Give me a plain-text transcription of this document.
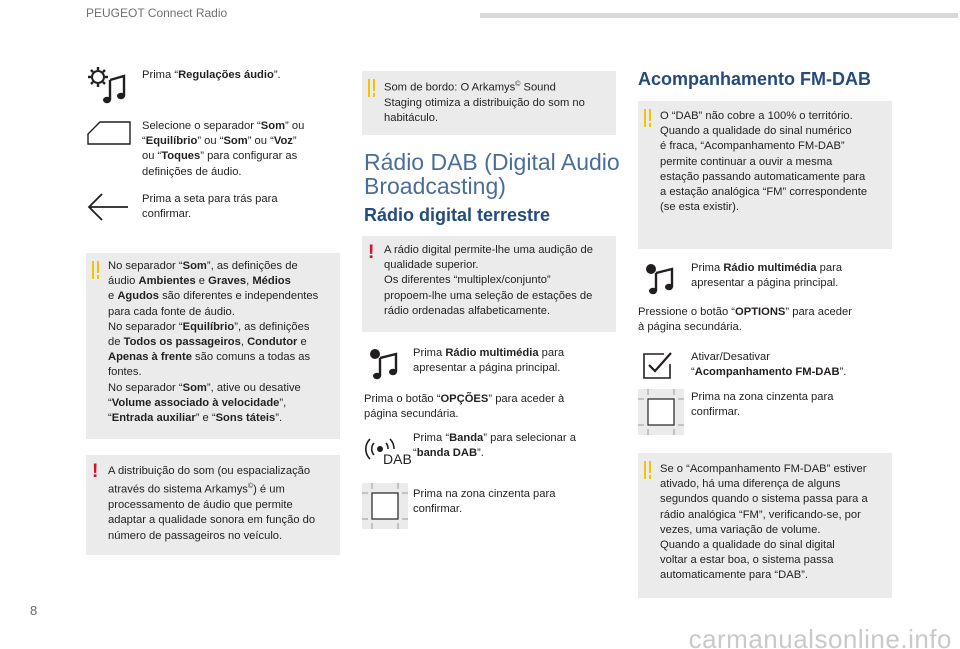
PEUGEOT Connect Radio
Prima “Regulações áudio”.
Selecione o separador “Som” ou
“Equilíbrio” ou “Som” ou “Voz”
ou “Toques” para configurar as
definições de áudio.
Prima a seta para trás para
confirmar.
No separador “Som”, as definições de
áudio Ambientes e Graves, Médios
e Agudos são diferentes e independentes
para cada fonte de áudio.
No separador “Equilíbrio”, as definições
de Todos os passageiros, Condutor e
Apenas à frente são comuns a todas as
fontes.
No separador “Som”, ative ou desative
“Volume associado à velocidade”,
“Entrada auxiliar” e “Sons táteis”.
! A distribuição do som (ou espacialização
através do sistema Arkamys©) é um
processamento de áudio que permite
adaptar a qualidade sonora em função do
número de passageiros no veículo.
Som de bordo: O Arkamys© Sound
Staging otimiza a distribuição do som no
habitáculo.
Rádio DAB (Digital Audio
Broadcasting)
Rádio digital terrestre
! A rádio digital permite-lhe uma audição de
qualidade superior.
Os diferentes “multiplex/conjunto”
propoem-lhe uma seleção de estações de
rádio ordenadas alfabeticamente.
Prima Rádio multimédia para
apresentar a página principal.
Prima o botão “OPÇÕES” para aceder à
página secundária.
DAB
Prima “Banda” para selecionar a
“banda DAB”.
Prima na zona cinzenta para
confirmar.
Acompanhamento FM-DAB
O “DAB” não cobre a 100% o território.
Quando a qualidade do sinal numérico
é fraca, “Acompanhamento FM-DAB”
permite continuar a ouvir a mesma
estação passando automaticamente para
a estação analógica “FM” correspondente
(se esta existir).
Prima Rádio multimédia para
apresentar a página principal.
Pressione o botão “OPTIONS” para aceder
à página secundária.
Ativar/Desativar
“Acompanhamento FM-DAB”.
Prima na zona cinzenta para
confirmar.
Se o “Acompanhamento FM-DAB” estiver
ativado, há uma diferença de alguns
segundos quando o sistema passa para a
rádio analógica “FM”, verificando-se, por
vezes, uma variação de volume.
Quando a qualidade do sinal digital
voltar a estar boa, o sistema passa
automaticamente para “DAB”.
8
carmanualsonline.info
